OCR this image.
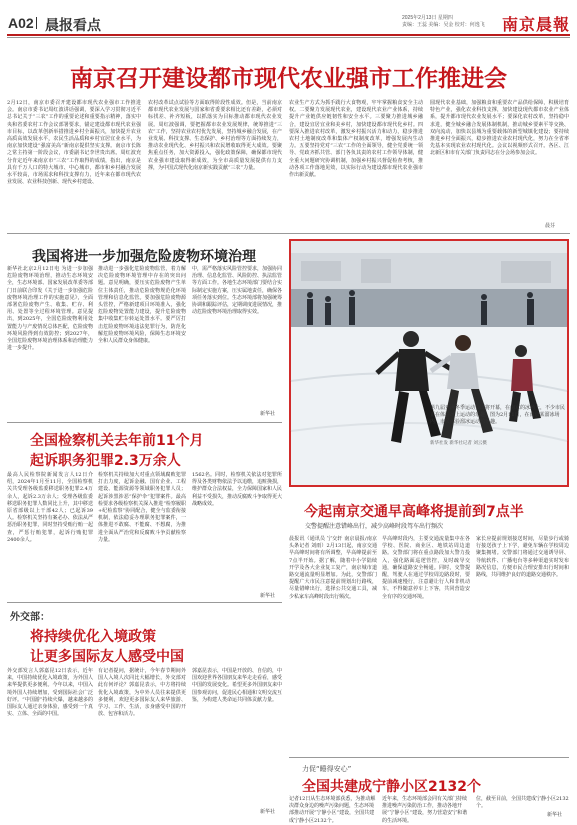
A02 晨报看点	2025年2月13日 星期四
责编：王蕊 美编：吴金 校对：何逸飞	南京晨報
南京召开建设都市现代农业强市工作推进会
2月12日，南京市委召开建设都市现代农业强市工作推进会。南京市委书记周红波讲话强调，要深入学习贯彻习近平总书记关于“三农”工作的重要论述和重要指示精神，落实中央和省委农村工作会议部署要求，锚定建设都市现代农业强市目标，以改革创新举措推进乡村全面振兴，加快提升农业高质高效发展水平，农民生活品质和乡村宜居宜业水平，为南京加快建设“强富美高”新南京提供坚实支撑。南京市长陈之常主持第一阶段会议，市委副书记李世贵出席。周红波充分肯定近年来南京市“三农”工作取得的成绩，指出，南京是具有千万人口的特大城市、中心城市，都市和乡村融合发展水平较高，市场需求和科技支撑有力，近年来在都市现代农业发展、农业科技创新、现代乡村建设、
农村改革试点试验等方面取得阶段性成效。但是，当前南京都市现代农业发展与国家和省委要求相比还有差距，必须对标找差、补齐短板，以抓落实为目标推动都市现代农业发展。周红波强调，要把握都市农业发展规律，统筹推进“三农”工作，坚持农业农村优先发展，坚持城乡融合发展，在产业发展、科技支撑、生态保护、乡村治理等方面持续发力，推动农业现代化、乡村振兴和农民增收取得更大成效。要聚焦重点任务，加大资源投入，强化政策保障，确保都市现代农业强市建设取得新成效，为全市高质量发展提供有力支撑，为中国式现代化南京新实践贡献“三农”力量。
农业生产方式为抓手践行大食物观，牢牢掌握粮食安全主动权。二要聚力发展现代农业，建设现代农业产业体系，持续提升产业链供应链韧性和安全水平。三要聚力推进城乡融合，建设宜居宜业和美乡村，加快建设都市现代化乡村。四要深入推进农村改革，激发乡村振兴活力和动力，稳步推进农村土地制度改革和集体产权制度改革，增强发展内生动力。五要坚持党对“三农”工作的全面领导，健全党委统一领导、党政齐抓共管、部门各负其责的农村工作领导体制，健全重大问题研究协调机制，加强乡村振兴督促检查考核，推动各项工作落地见效，以实际行动为建设都市现代农业强市作出新贡献。
圆现代农业基础，加强粮食和重要农产品供给保障，积极培育特色产业，强化农业科技支撑，加快建设现代都市农业产业体系，提升都市现代农业发展水平；要深化农村改革，坚持稳中求进，健全城乡融合发展体制机制，推动城乡要素平等交换、双向流动，加快以县城为重要载体的新型城镇化建设；要持续推进乡村全面振兴，稳步推进农业农村现代化，努力在全省率先基本实现农业农村现代化。会议以视频形式召开。各区、江北新区和市有关部门负责同志在分会场参加会议。
晨芬
我国将进一步加强危险废物环境治理
新华社北京2月12日电 为进一步加强危险废物环境治理，推动生态环境安全，生态环境部、国家发展改革委等部门日前联合印发《关于进一步加强危险废物环境治理工作的实施意见》，全面部署危险废物产生、收集、贮存、利用、处置等全过程环境管理。意见提出，到2025年，全国危险废物利用处置能力与产废情况总体匹配，危险废物环境风险得到有效防控；到2027年，全国危险废物环境治理体系和治理能力进一步提升。
推动进一步强化危险废物监管，着力解决危险废物环境管理中存在的突出问题。意见明确，要压实危险废物产生单位主体责任，推动危险废物规范化环境管理和信息化监管。要加强危险废物源头管控，严格新建项目环境准入，强化危险废物处置能力建设，提升危险废物集中收集贮存转运处置水平。要严厉打击危险废物环境违法犯罪行为，防范化解危险废物环境风险，保障生态环境安全和人民群众身体健康。
中，需严格落实风险管控要求，加强协同治理、信息化监管、风险防控、执法监管等方面工作。各地生态环境部门要结合实际制定实施方案，压实属地责任，确保各项任务落实到位。生态环境部将加强统筹协调和跟踪评估，定期调度进展情况，推动危险废物环境治理取得实效。
新华社
全国检察机关去年前11个月
起诉职务犯罪2.3万余人
最高人民检察院新闻发言人12日介绍，2024年1月至11月，全国检察机关共受理各级监委移送职务犯罪2.4万余人，起诉2.3万余人；受理各级监委移送职务犯罪人数同比上升，其中移送原省部级以上干部42人；已起诉39人。检察机关坚持有案必办、依法从严惩治职务犯罪，同时坚持受贿行贿一起查，严惩行贿犯罪，起诉行贿犯罪2400余人。
检察机关持续加大对重点领域腐败犯罪打击力度，起诉金融、国有企业、工程建设、能源资源等领域职务犯罪人员；起诉涉黑涉恶“保护伞”犯罪案件。最高检要求各级检察机关深入推进“检察履职+纪检监察”协同配合，健全与监委衔接机制，依法稳妥办理职务犯罪案件，一体推进不敢腐、不能腐、不想腐，为推进全面从严治党和反腐败斗争贡献检察力量。
1562名。同时，检察机关依法对犯罪所得及各类财物依法予以追缴，追赃挽损，维护群众合法权益，全力保障国家和人民利益不受损失，推动反腐败斗争取得更大战略成效。
新华社
第九届亚洲冬季运动会即将开幕，在南京的冰场上，不少市民正在体验冰上运动的乐趣。图为2月11日，在南京某溜冰场内，市民体验溜冰运动的乐趣。
新华社发 新华社记者 刘云摄
今起南京交通早高峰将提前到7点半
交警提醒注意错峰出行，减少高峰时段驾车出行频次
晨报讯（通讯员 宁交轩 南京晨报/南京头条记者 刘雨）2月13日起，南京交通早高峰时间将有所调整，早高峰提前至7点半开始。据了解，随着中小学陆续开学及各大企业复工复产，南京城市道路交通流量明显增加。为此，交警部门提醒广大市民注意提前规划出行路线，尽量错峰出行，选择公共交通工具，减少私家车高峰时段出行频次。
早高峰时段内，主要交通流量集中在各学校、医院、商业区、地铁站周边道路。交警部门将在重点路段加大警力投入，强化路面巡逻管控，及时疏导交通，确保道路安全畅通。同时，交警提醒，驾驶人在通过学校周边路段时，要提前减速慢行，注意避让行人和非机动车，不得随意停车上下客，共同营造安全有序的交通环境。
家长应提前规划接送时间，尽量步行或骑行接送孩子上下学，避免车辆在学校周边聚集拥堵。交警部门将通过交通诱导屏、导航软件、广播电台等多种渠道实时发布路况信息，方便市民合理安排出行时间和路线，共同维护良好的道路交通秩序。
外交部：
将持续优化入境政策
让更多国际友人感受中国
外交部发言人郭嘉昆12日表示，近年来，中国持续优化入境政策，为外国人来华提供更多便利。今年以来，中国入境外国人持续增加，受到国际社会广泛好评。“中国游”持续火爆，越来越多的国际友人通过亲身体验，感受到一个真实、立体、全面的中国。
有记者提问，据统计，今年春节期间外国人入境人次同比大幅增长，外交部对此有何评论？郭嘉昆表示，中方将持续优化入境政策，为中外人员往来提供更多便利，欢迎更多国际友人来华旅游、学习、工作、生活，亲身感受中国的开放、包容和活力。
郭嘉昆表示，中国是开放的、自信的，中国欢迎世界各国朋友来华走走看看，感受中国的发展变化。希望更多外国朋友来中国参观访问，促进民心相通和文明交流互鉴，为构建人类命运共同体贡献力量。
新华社
力促“睡得安心”
全国共建成宁静小区2132个
记者12日从生态环境部获悉，为推动解决群众身边的噪声污染问题，生态环境部推动开展“宁静小区”建设，全国共建成宁静小区2132个。
近年来，生态环境部会同有关部门持续推进噪声污染防治工作，推动各地开展“宁静小区”建设，努力营造安宁和谐的生活环境。
位，截至目前，全国共建成宁静小区2132个。
新华社
